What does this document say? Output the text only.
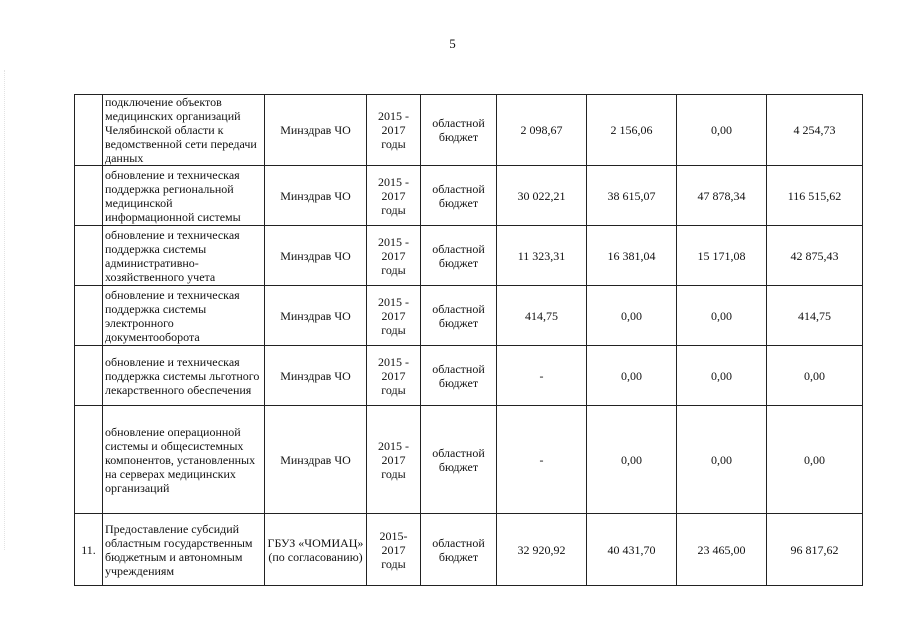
5
	подключение объектов медицинских организаций Челябинской области к ведомственной сети передачи данных	Минздрав ЧО	2015 - 2017 годы	областной бюджет	2 098,67	2 156,06	0,00	4 254,73
	обновление и техническая поддержка региональной медицинской информационной системы	Минздрав ЧО	2015 - 2017 годы	областной бюджет	30 022,21	38 615,07	47 878,34	116 515,62
	обновление и техническая поддержка системы административно-хозяйственного учета	Минздрав ЧО	2015 - 2017 годы	областной бюджет	11 323,31	16 381,04	15 171,08	42 875,43
	обновление и техническая поддержка системы электронного документооборота	Минздрав ЧО	2015 - 2017 годы	областной бюджет	414,75	0,00	0,00	414,75
	обновление и техническая поддержка системы льготного лекарственного обеспечения	Минздрав ЧО	2015 - 2017 годы	областной бюджет	-	0,00	0,00	0,00
	обновление операционной системы и общесистемных компонентов, установленных на серверах медицинских организаций	Минздрав ЧО	2015 - 2017 годы	областной бюджет	-	0,00	0,00	0,00
11.	Предоставление субсидий областным государственным бюджетным и автономным учреждениям	ГБУЗ «ЧОМИАЦ» (по согласованию)	2015- 2017 годы	областной бюджет	32 920,92	40 431,70	23 465,00	96 817,62
